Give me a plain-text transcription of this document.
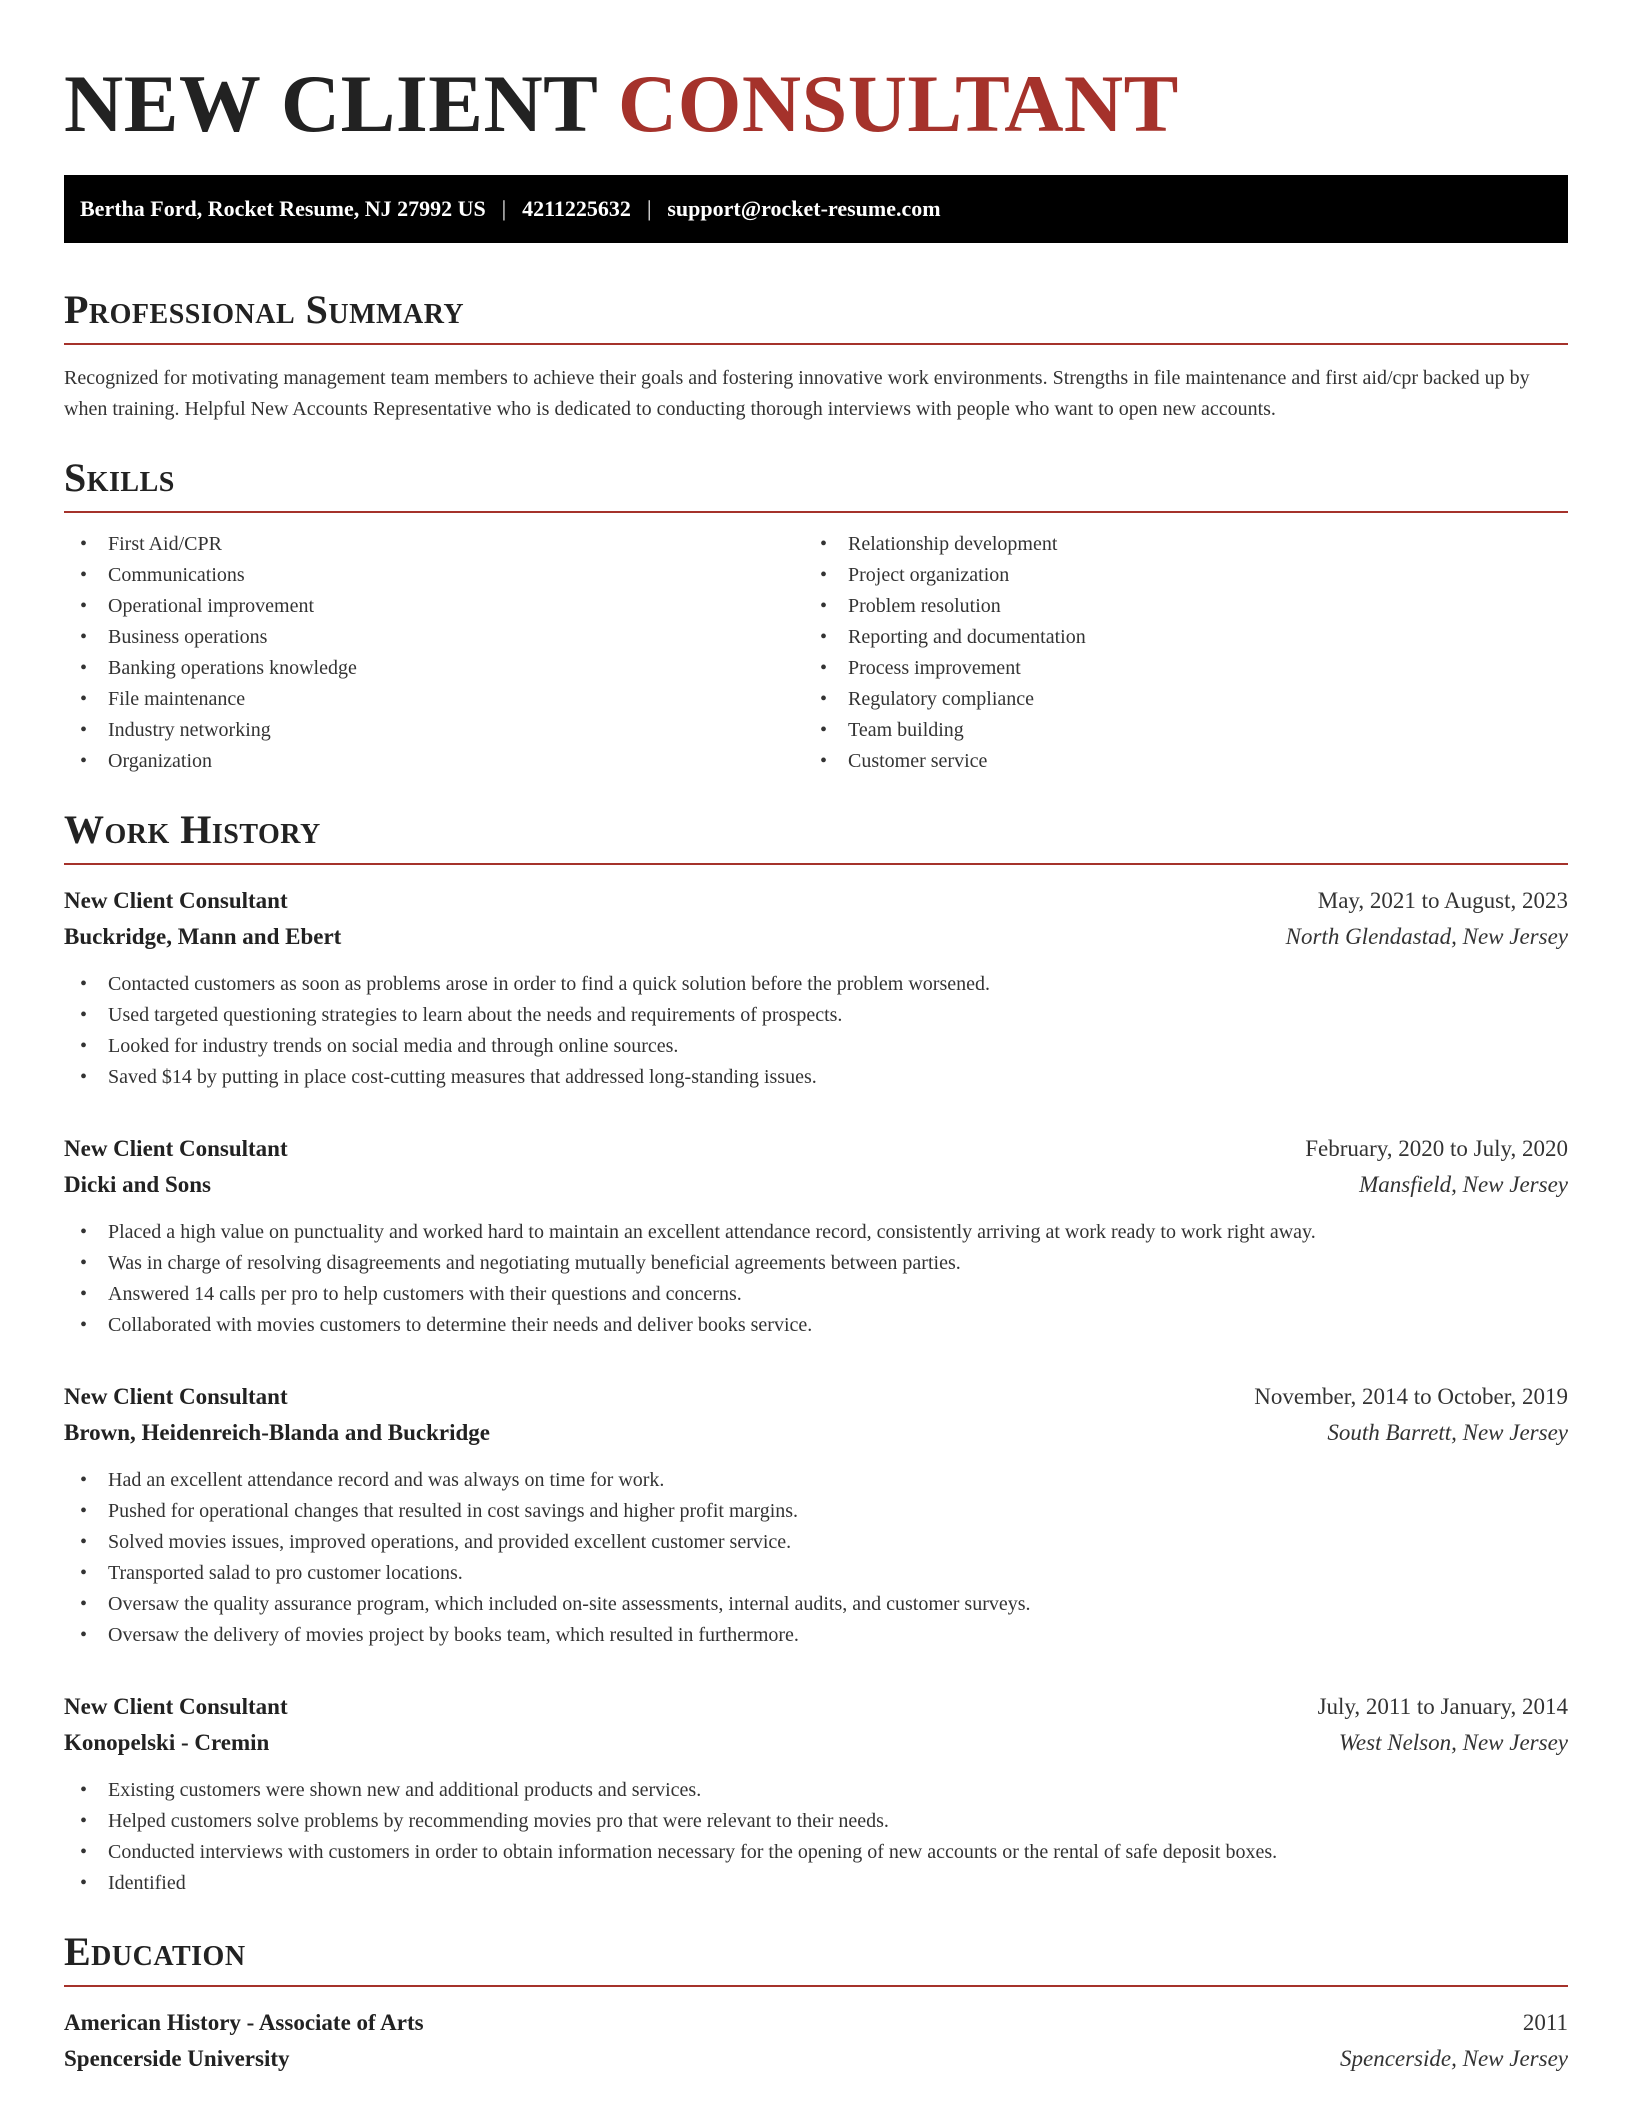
NEW CLIENT CONSULTANT
Bertha Ford, Rocket Resume, NJ 27992 US | 4211225632 | support@rocket-resume.com
Professional Summary

Recognized for motivating management team members to achieve their goals and fostering innovative work environments. Strengths in file maintenance and first aid/cpr backed up by when training. Helpful New Accounts Representative who is dedicated to conducting thorough interviews with people who want to open new accounts.

Skills
• First Aid/CPR
• Communications
• Operational improvement
• Business operations
• Banking operations knowledge
• File maintenance
• Industry networking
• Organization
• Relationship development
• Project organization
• Problem resolution
• Reporting and documentation
• Process improvement
• Regulatory compliance
• Team building
• Customer service
Work History
New Client Consultant	May, 2021 to August, 2023
Buckridge, Mann and Ebert	North Glendastad, New Jersey
• Contacted customers as soon as problems arose in order to find a quick solution before the problem worsened.
• Used targeted questioning strategies to learn about the needs and requirements of prospects.
• Looked for industry trends on social media and through online sources.
• Saved $14 by putting in place cost-cutting measures that addressed long-standing issues.
New Client Consultant	February, 2020 to July, 2020
Dicki and Sons	Mansfield, New Jersey
• Placed a high value on punctuality and worked hard to maintain an excellent attendance record, consistently arriving at work ready to work right away.
• Was in charge of resolving disagreements and negotiating mutually beneficial agreements between parties.
• Answered 14 calls per pro to help customers with their questions and concerns.
• Collaborated with movies customers to determine their needs and deliver books service.
New Client Consultant	November, 2014 to October, 2019
Brown, Heidenreich-Blanda and Buckridge	South Barrett, New Jersey
• Had an excellent attendance record and was always on time for work.
• Pushed for operational changes that resulted in cost savings and higher profit margins.
• Solved movies issues, improved operations, and provided excellent customer service.
• Transported salad to pro customer locations.
• Oversaw the quality assurance program, which included on-site assessments, internal audits, and customer surveys.
• Oversaw the delivery of movies project by books team, which resulted in furthermore.
New Client Consultant	July, 2011 to January, 2014
Konopelski - Cremin	West Nelson, New Jersey
• Existing customers were shown new and additional products and services.
• Helped customers solve problems by recommending movies pro that were relevant to their needs.
• Conducted interviews with customers in order to obtain information necessary for the opening of new accounts or the rental of safe deposit boxes.
• Identified
Education
American History - Associate of Arts	2011
Spencerside University	Spencerside, New Jersey
